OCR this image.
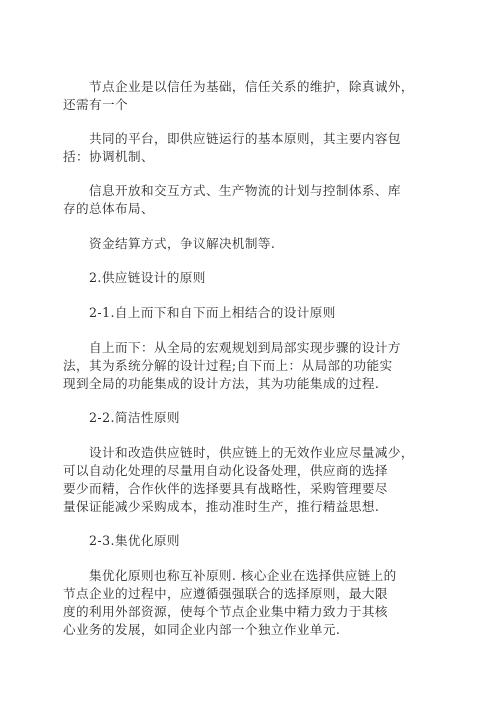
节点企业是以信任为基础，信任关系的维护，除真诚外，
还需有一个

共同的平台，即供应链运行的基本原则，其主要内容包
括：协调机制、

信息开放和交互方式、生产物流的计划与控制体系、库
存的总体布局、

资金结算方式，争议解决机制等.

2.供应链设计的原则

2-1.自上而下和自下而上相结合的设计原则

自上而下：从全局的宏观规划到局部实现步骤的设计方
法，其为系统分解的设计过程;自下而上：从局部的功能实
现到全局的功能集成的设计方法，其为功能集成的过程.

2-2.简洁性原则

设计和改造供应链时，供应链上的无效作业应尽量减少，
可以自动化处理的尽量用自动化设备处理，供应商的选择
要少而精，合作伙伴的选择要具有战略性，采购管理要尽
量保证能减少采购成本，推动准时生产，推行精益思想.

2-3.集优化原则

集优化原则也称互补原则. 核心企业在选择供应链上的
节点企业的过程中，应遵循强强联合的选择原则，最大限
度的利用外部资源，使每个节点企业集中精力致力于其核
心业务的发展，如同企业内部一个独立作业单元.
